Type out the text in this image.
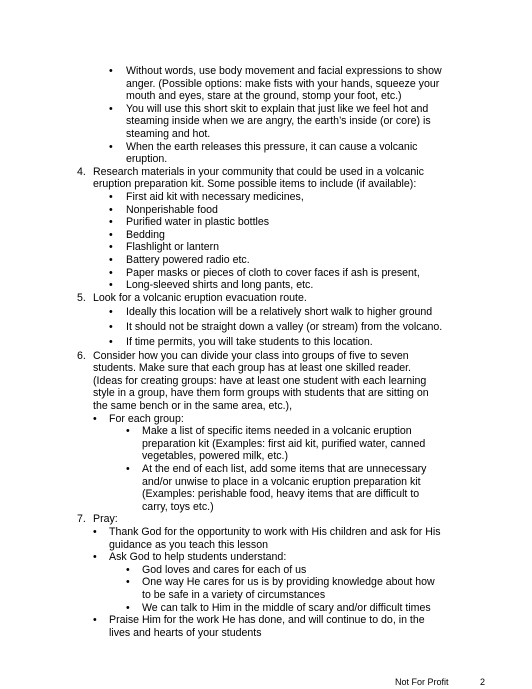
• Without words, use body movement and facial expressions to show
anger. (Possible options: make fists with your hands, squeeze your
mouth and eyes, stare at the ground, stomp your foot, etc.)
• You will use this short skit to explain that just like we feel hot and
steaming inside when we are angry, the earth’s inside (or core) is
steaming and hot.
• When the earth releases this pressure, it can cause a volcanic
eruption.
4. Research materials in your community that could be used in a volcanic
eruption preparation kit. Some possible items to include (if available):
• First aid kit with necessary medicines,
• Nonperishable food
• Purified water in plastic bottles
• Bedding
• Flashlight or lantern
• Battery powered radio etc.
• Paper masks or pieces of cloth to cover faces if ash is present,
• Long-sleeved shirts and long pants, etc.
5. Look for a volcanic eruption evacuation route.
• Ideally this location will be a relatively short walk to higher ground
• It should not be straight down a valley (or stream) from the volcano.
• If time permits, you will take students to this location.
6. Consider how you can divide your class into groups of five to seven
students. Make sure that each group has at least one skilled reader.
(Ideas for creating groups: have at least one student with each learning
style in a group, have them form groups with students that are sitting on
the same bench or in the same area, etc.),
• For each group:
• Make a list of specific items needed in a volcanic eruption
preparation kit (Examples: first aid kit, purified water, canned
vegetables, powered milk, etc.)
• At the end of each list, add some items that are unnecessary
and/or unwise to place in a volcanic eruption preparation kit
(Examples: perishable food, heavy items that are difficult to
carry, toys etc.)
7. Pray:
• Thank God for the opportunity to work with His children and ask for His
guidance as you teach this lesson
• Ask God to help students understand:
• God loves and cares for each of us
• One way He cares for us is by providing knowledge about how
to be safe in a variety of circumstances
• We can talk to Him in the middle of scary and/or difficult times
• Praise Him for the work He has done, and will continue to do, in the
lives and hearts of your students
Not For Profit	2
